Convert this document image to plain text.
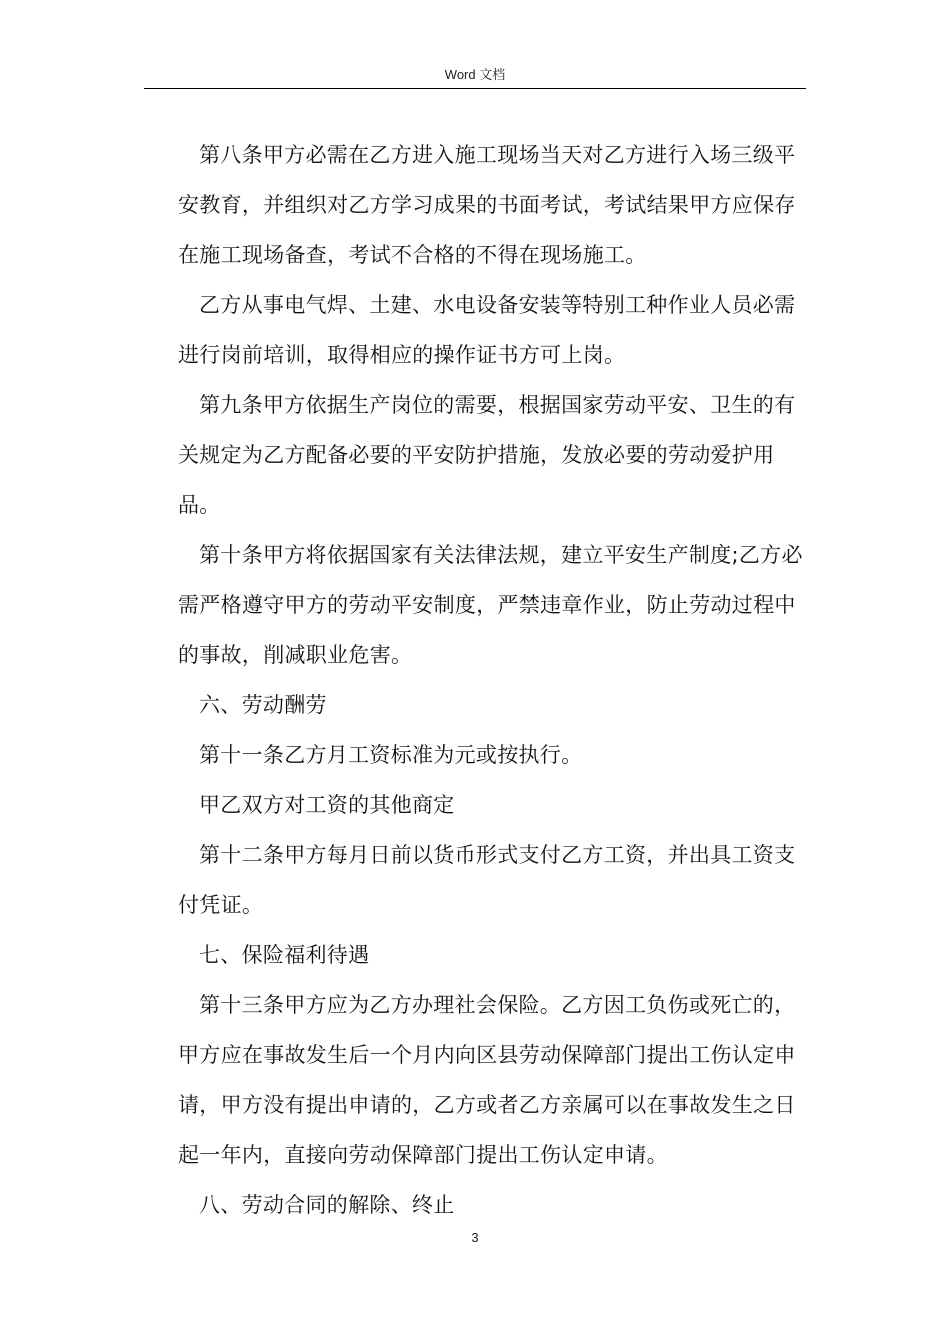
Word 文档

第八条甲方必需在乙方进入施工现场当天对乙方进行入场三级平安教育，并组织对乙方学习成果的书面考试，考试结果甲方应保存在施工现场备查，考试不合格的不得在现场施工。

乙方从事电气焊、土建、水电设备安装等特别工种作业人员必需进行岗前培训，取得相应的操作证书方可上岗。

第九条甲方依据生产岗位的需要，根据国家劳动平安、卫生的有关规定为乙方配备必要的平安防护措施，发放必要的劳动爱护用品。

第十条甲方将依据国家有关法律法规，建立平安生产制度;乙方必需严格遵守甲方的劳动平安制度，严禁违章作业，防止劳动过程中的事故，削减职业危害。

六、劳动酬劳

第十一条乙方月工资标准为元或按执行。

甲乙双方对工资的其他商定

第十二条甲方每月日前以货币形式支付乙方工资，并出具工资支付凭证。

七、保险福利待遇

第十三条甲方应为乙方办理社会保险。乙方因工负伤或死亡的，甲方应在事故发生后一个月内向区县劳动保障部门提出工伤认定申请，甲方没有提出申请的，乙方或者乙方亲属可以在事故发生之日起一年内，直接向劳动保障部门提出工伤认定申请。

八、劳动合同的解除、终止

3
